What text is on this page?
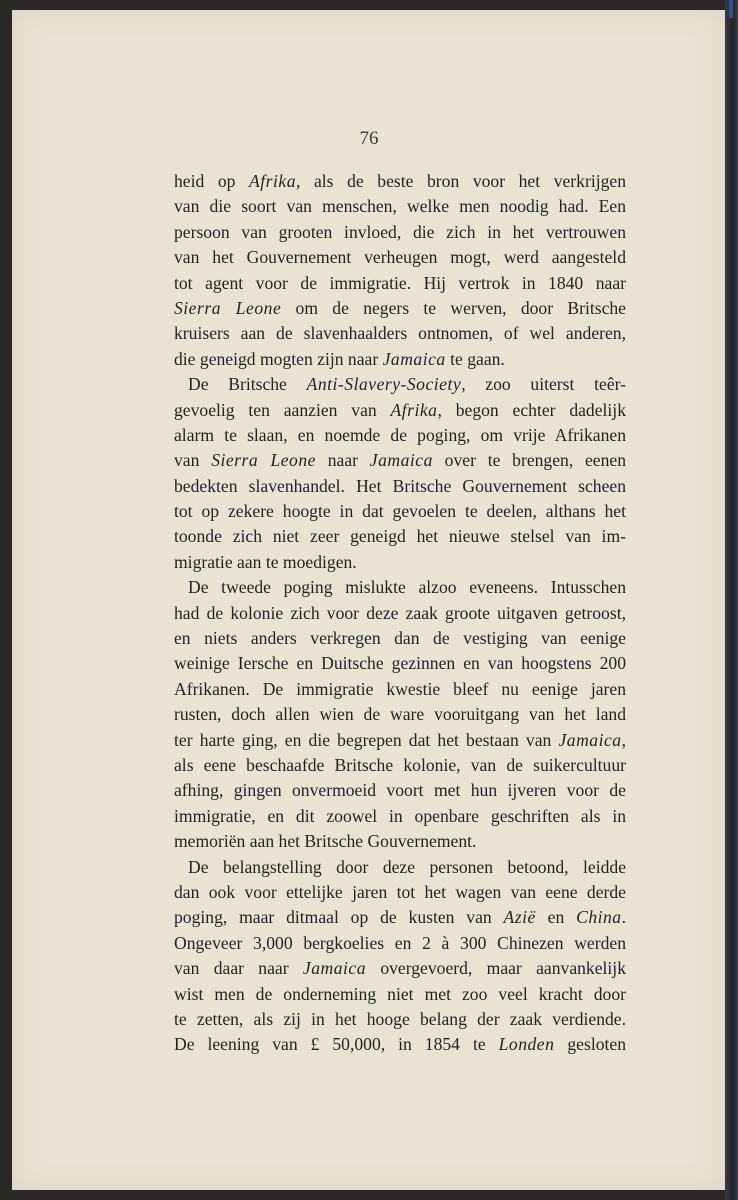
76
heid op Afrika, als de beste bron voor het verkrijgen
van die soort van menschen, welke men noodig had. Een
persoon van grooten invloed, die zich in het vertrouwen
van het Gouvernement verheugen mogt, werd aangesteld
tot agent voor de immigratie. Hij vertrok in 1840 naar
Sierra Leone om de negers te werven, door Britsche
kruisers aan de slavenhaalders ontnomen, of wel anderen,
die geneigd mogten zijn naar Jamaica te gaan.
De Britsche Anti-Slavery-Society, zoo uiterst teêr-
gevoelig ten aanzien van Afrika, begon echter dadelijk
alarm te slaan, en noemde de poging, om vrije Afrikanen
van Sierra Leone naar Jamaica over te brengen, eenen
bedekten slavenhandel. Het Britsche Gouvernement scheen
tot op zekere hoogte in dat gevoelen te deelen, althans het
toonde zich niet zeer geneigd het nieuwe stelsel van im-
migratie aan te moedigen.
De tweede poging mislukte alzoo eveneens. Intusschen
had de kolonie zich voor deze zaak groote uitgaven getroost,
en niets anders verkregen dan de vestiging van eenige
weinige Iersche en Duitsche gezinnen en van hoogstens 200
Afrikanen. De immigratie kwestie bleef nu eenige jaren
rusten, doch allen wien de ware vooruitgang van het land
ter harte ging, en die begrepen dat het bestaan van Jamaica,
als eene beschaafde Britsche kolonie, van de suikercultuur
afhing, gingen onvermoeid voort met hun ijveren voor de
immigratie, en dit zoowel in openbare geschriften als in
memoriën aan het Britsche Gouvernement.
De belangstelling door deze personen betoond, leidde
dan ook voor ettelijke jaren tot het wagen van eene derde
poging, maar ditmaal op de kusten van Azië en China.
Ongeveer 3,000 bergkoelies en 2 à 300 Chinezen werden
van daar naar Jamaica overgevoerd, maar aanvankelijk
wist men de onderneming niet met zoo veel kracht door
te zetten, als zij in het hooge belang der zaak verdiende.
De leening van £ 50,000, in 1854 te Londen gesloten
